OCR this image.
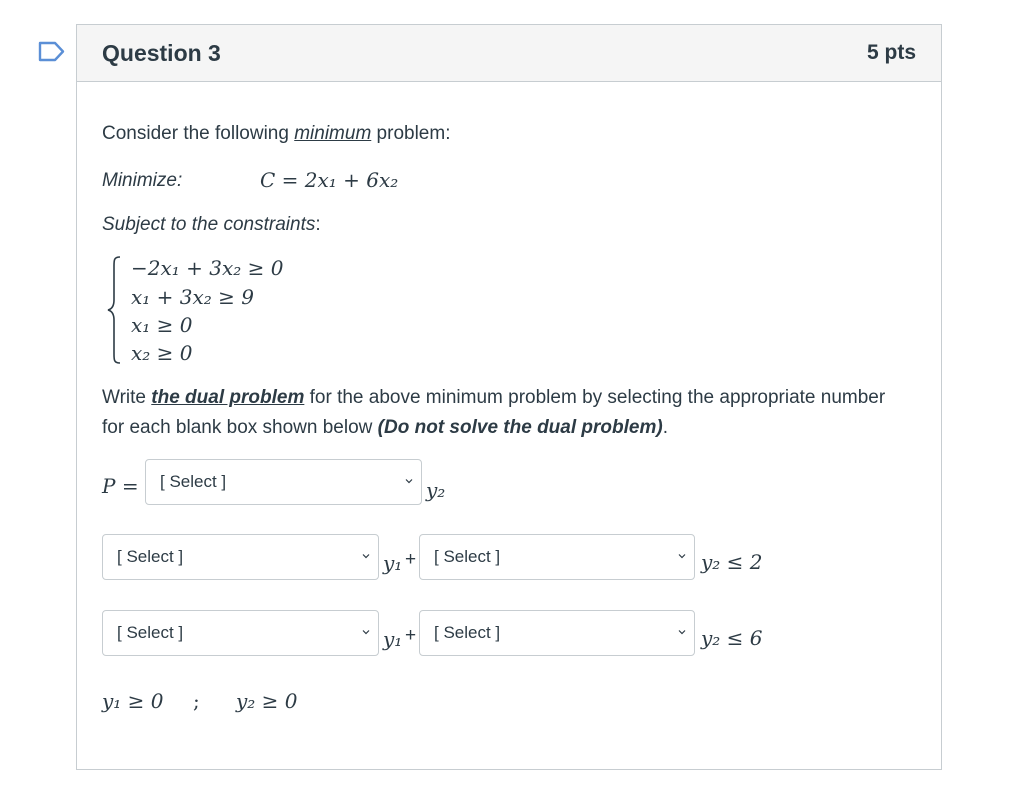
Question 3	5 pts
Consider the following minimum problem:
Minimize:	C = 2x₁ + 6x₂
Subject to the constraints:
−2x₁ + 3x₂ ≥ 0
x₁ + 3x₂ ≥ 9
x₁ ≥ 0
x₂ ≥ 0
Write the dual problem for the above minimum problem by selecting the appropriate number
for each blank box shown below (Do not solve the dual problem).
P = [ Select ]	y₂
[ Select ]	y₁ + [ Select ]	y₂ ≤ 2
[ Select ]	y₁ + [ Select ]	y₂ ≤ 6
y₁ ≥ 0 ; y₂ ≥ 0
